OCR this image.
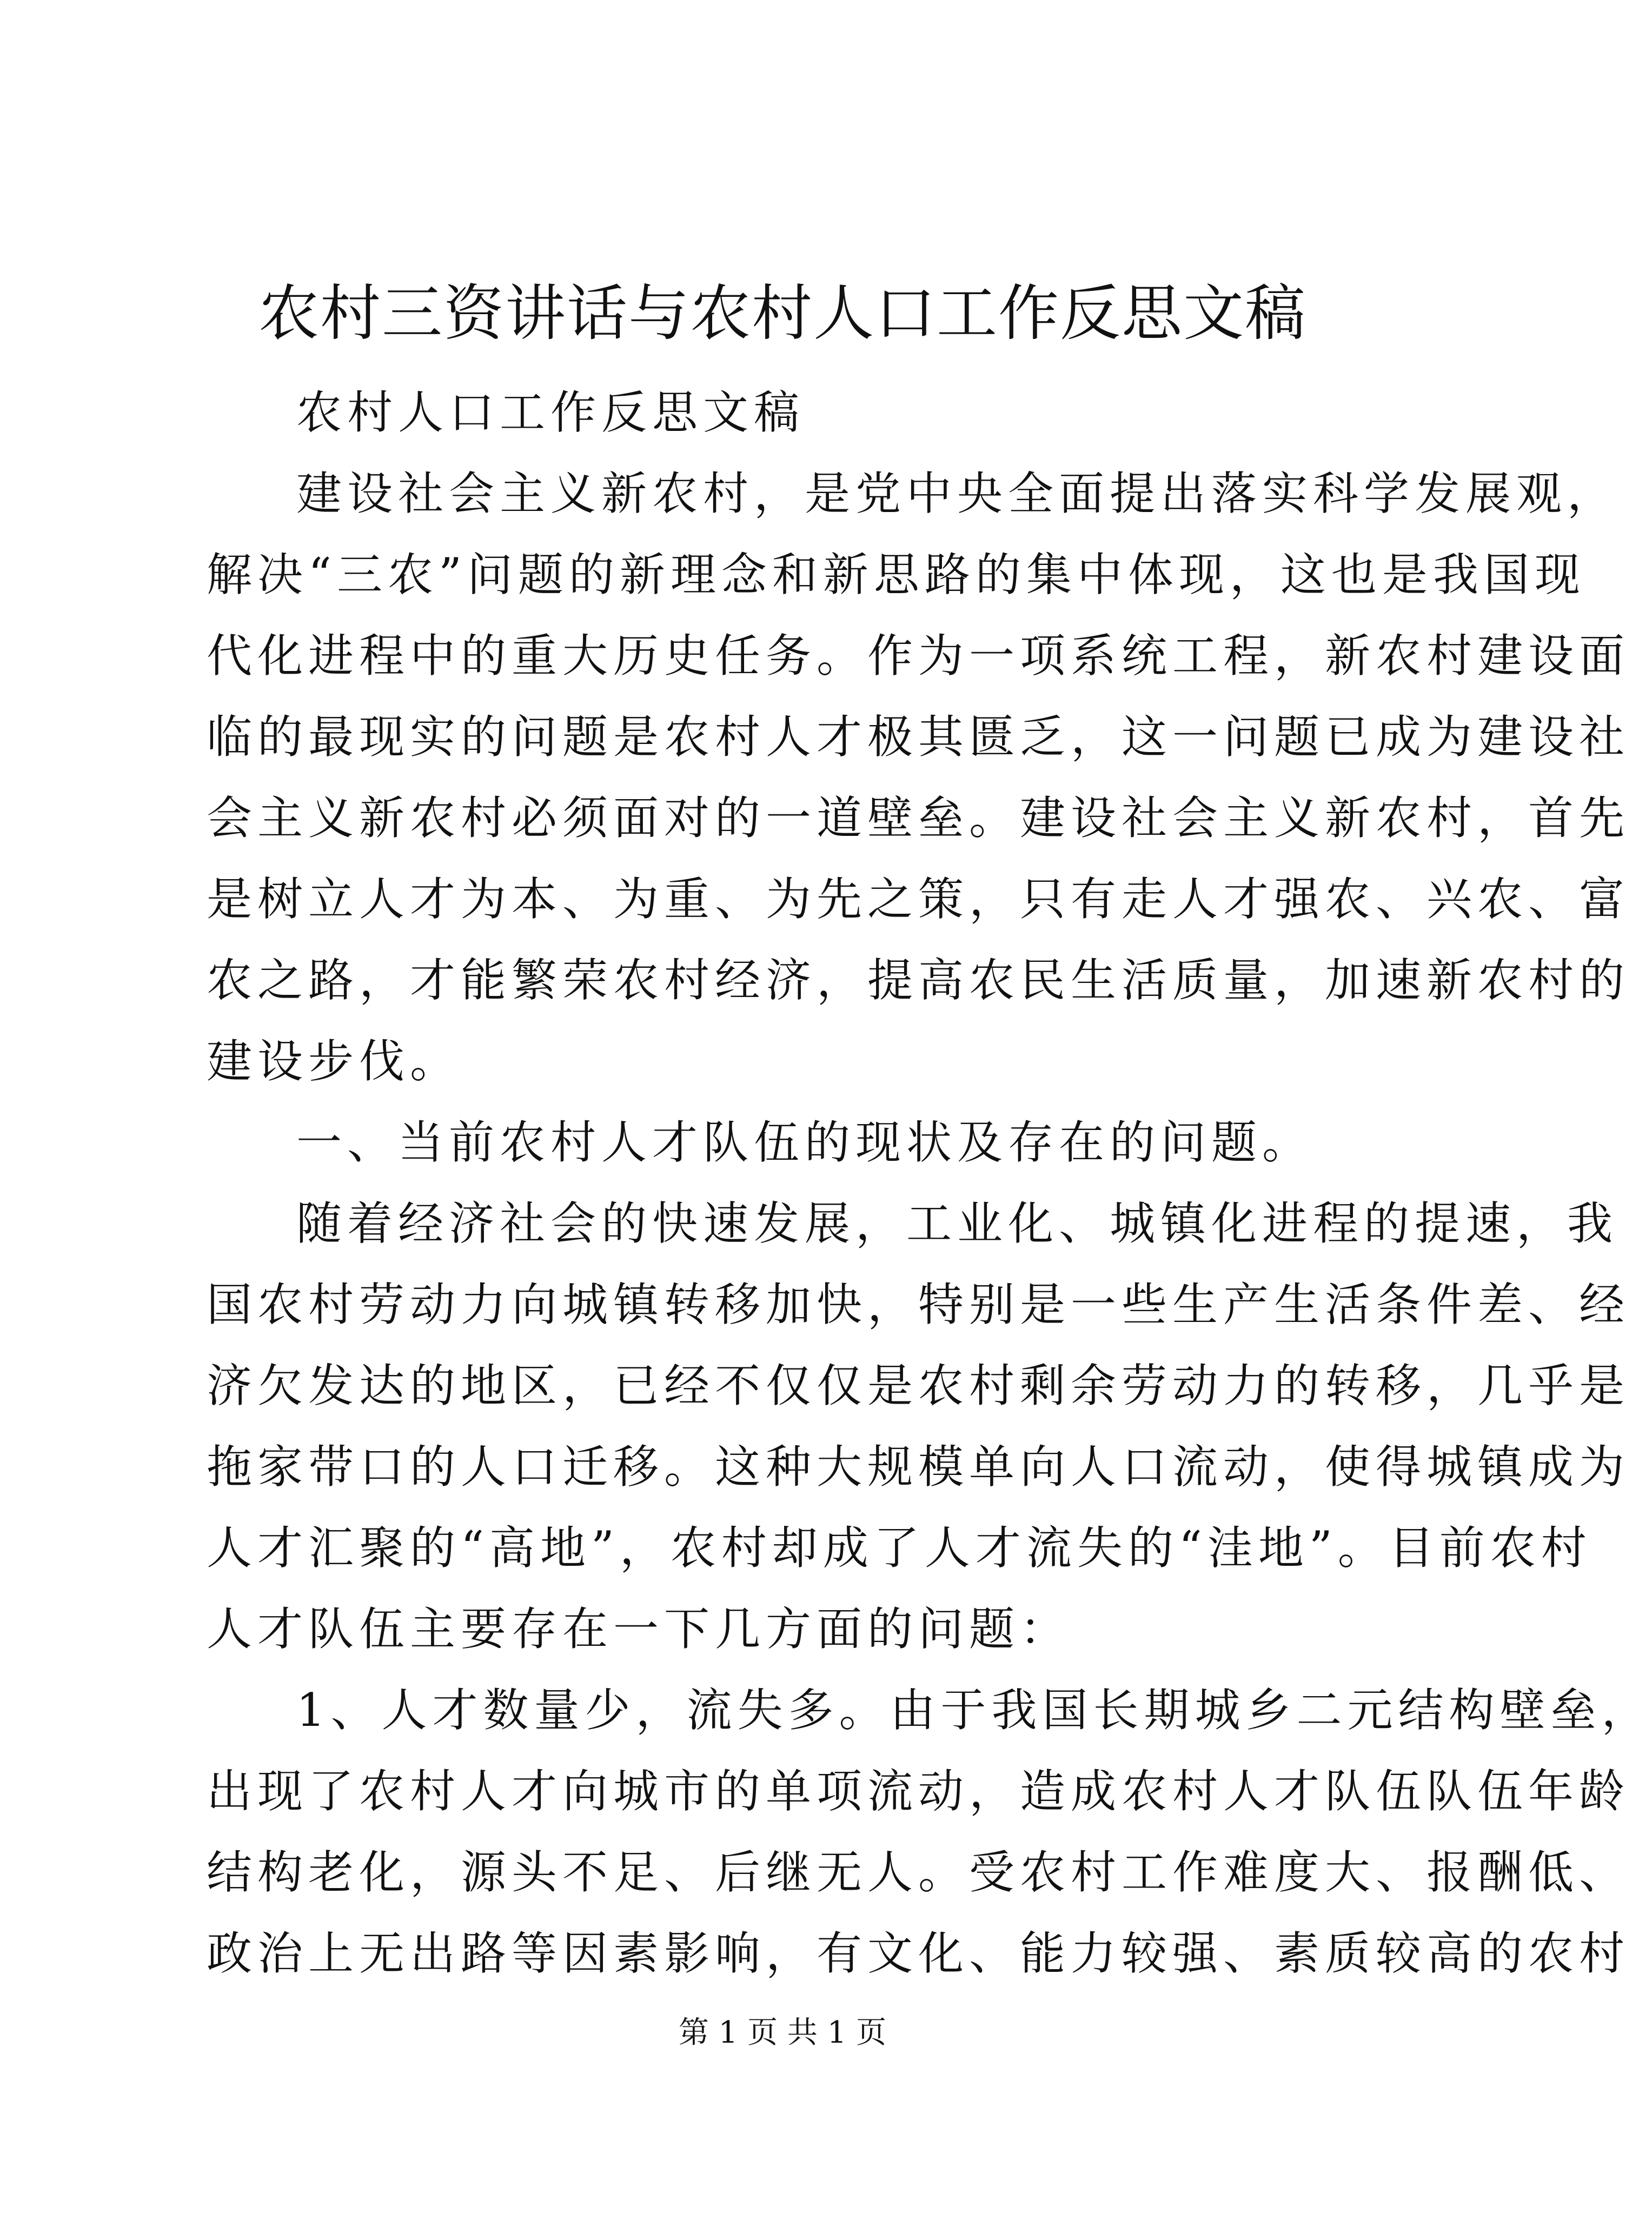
农村三资讲话与农村人口工作反思文稿
农村人口工作反思文稿
建设社会主义新农村，是党中央全面提出落实科学发展观，
解决“三农”问题的新理念和新思路的集中体现，这也是我国现
代化进程中的重大历史任务。作为一项系统工程，新农村建设面
临的最现实的问题是农村人才极其匮乏，这一问题已成为建设社
会主义新农村必须面对的一道壁垒。建设社会主义新农村，首先
是树立人才为本、为重、为先之策，只有走人才强农、兴农、富
农之路，才能繁荣农村经济，提高农民生活质量，加速新农村的
建设步伐。
一、当前农村人才队伍的现状及存在的问题。
随着经济社会的快速发展，工业化、城镇化进程的提速，我
国农村劳动力向城镇转移加快，特别是一些生产生活条件差、经
济欠发达的地区，已经不仅仅是农村剩余劳动力的转移，几乎是
拖家带口的人口迁移。这种大规模单向人口流动，使得城镇成为
人才汇聚的“高地”，农村却成了人才流失的“洼地”。目前农村
人才队伍主要存在一下几方面的问题：
1、人才数量少，流失多。由于我国长期城乡二元结构壁垒，
出现了农村人才向城市的单项流动，造成农村人才队伍队伍年龄
结构老化，源头不足、后继无人。受农村工作难度大、报酬低、
政治上无出路等因素影响，有文化、能力较强、素质较高的农村
第 1 页 共 1 页
